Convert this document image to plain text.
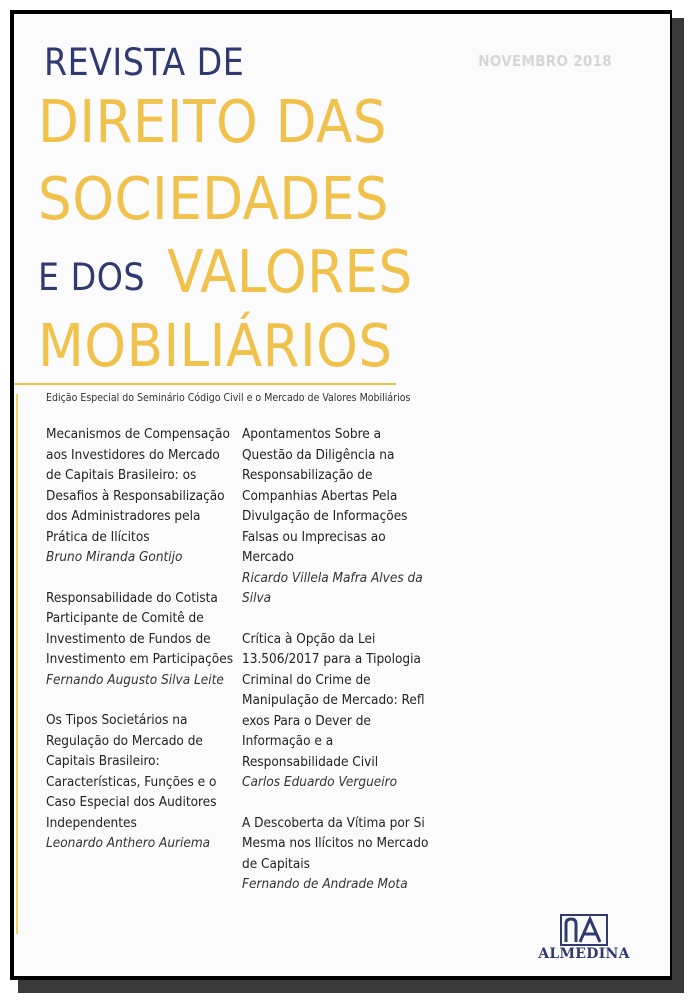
REVISTA DE	NOVEMBRO 2018
DIREITO DAS
SOCIEDADES
E DOS VALORES
MOBILIÁRIOS
Edição Especial do Seminário Código Civil e o Mercado de Valores Mobiliários
Mecanismos de Compensação aos Investidores do Mercado de Capitais Brasileiro: os Desafios à Responsabilização dos Administradores pela Prática de Ilícitos
Bruno Miranda Gontijo
Responsabilidade do Cotista Participante de Comitê de Investimento de Fundos de Investimento em Participações
Fernando Augusto Silva Leite
Os Tipos Societários na Regulação do Mercado de Capitais Brasileiro: Características, Funções e o Caso Especial dos Auditores Independentes
Leonardo Anthero Auriema
Apontamentos Sobre a Questão da Diligência na Responsabilização de Companhias Abertas Pela Divulgação de Informações Falsas ou Imprecisas ao Mercado
Ricardo Villela Mafra Alves da Silva
Crítica à Opção da Lei 13.506/2017 para a Tipologia Criminal do Crime de Manipulação de Mercado: Refl exos Para o Dever de Informação e a Responsabilidade Civil
Carlos Eduardo Vergueiro
A Descoberta da Vítima por Si Mesma nos Ilícitos no Mercado de Capitais
Fernando de Andrade Mota
ALMEDINA
